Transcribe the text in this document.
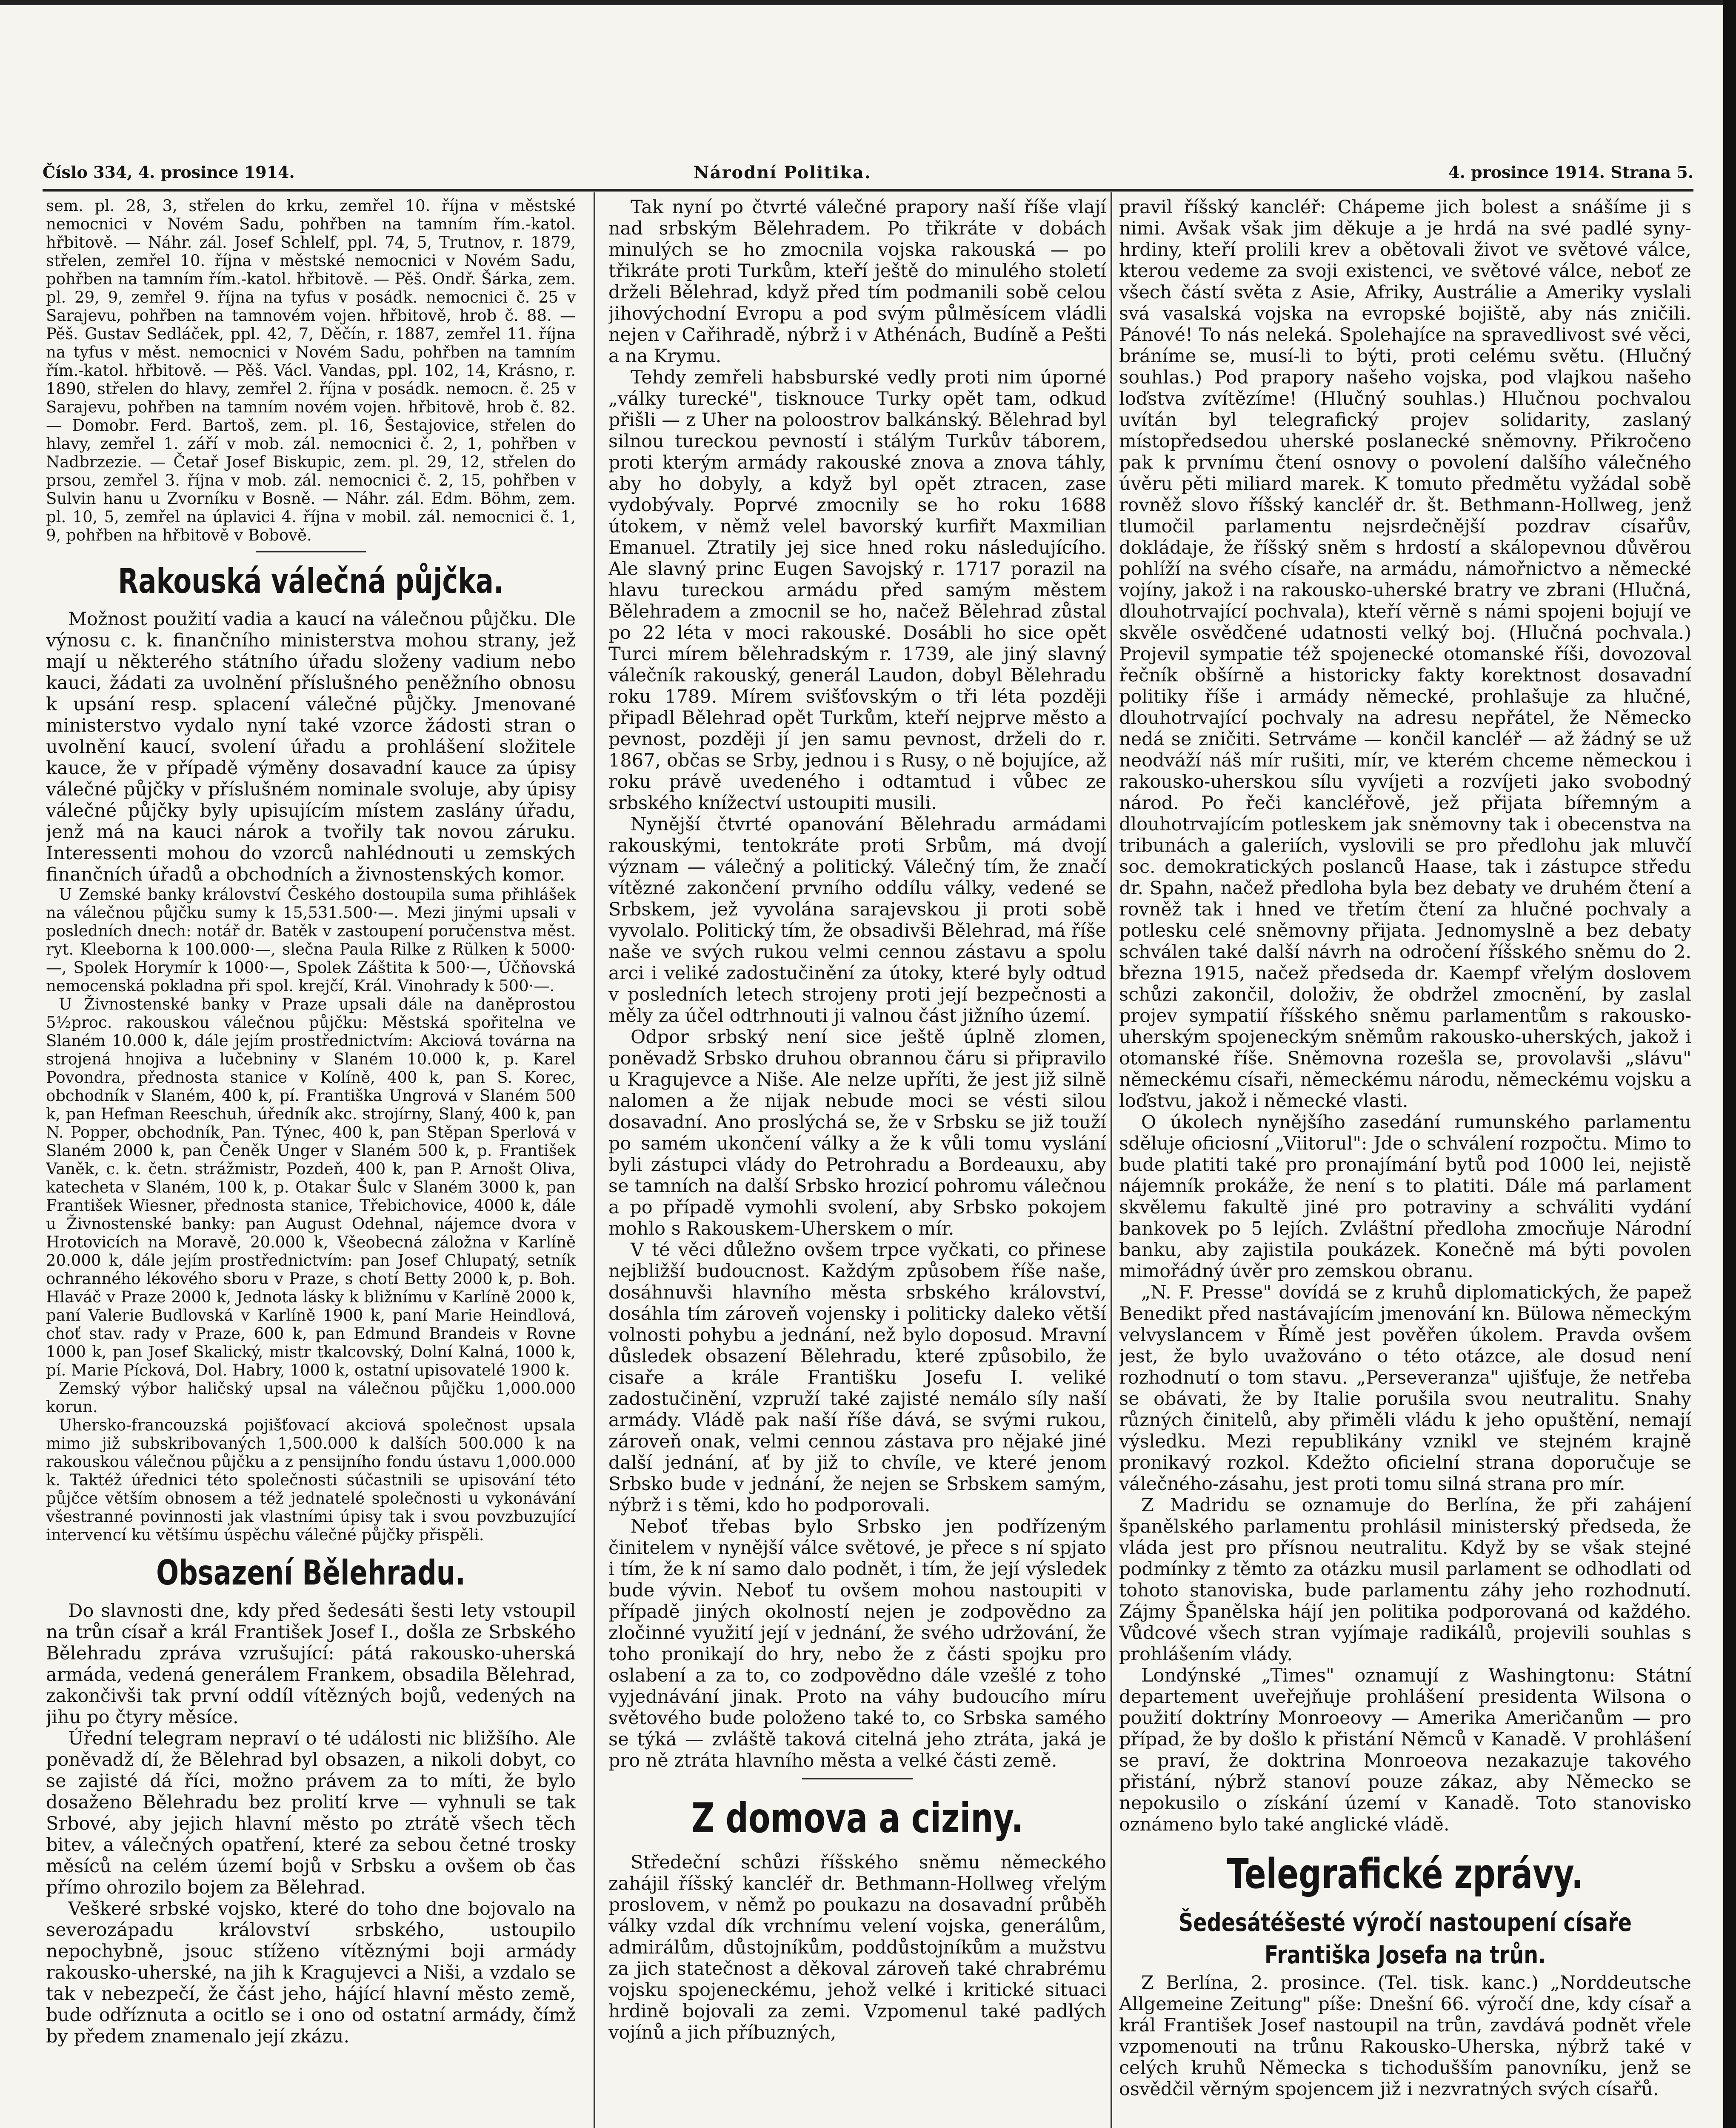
Číslo 334, 4. prosince 1914.	Národní Politika.	4. prosince 1914. Strana 5.

sem. pl. 28, 3, střelen do krku, zemřel 10. října v městské nemocnici v Novém Sadu, pohřben na tamním řím.-katol. hřbitově. — Náhr. zál. Josef Schlelf, ppl. 74, 5, Trutnov, r. 1879, střelen, zemřel 10. října v městské nemocnici v Novém Sadu, pohřben na tamním řím.-katol. hřbitově. — Pěš. Ondř. Šárka, zem. pl. 29, 9, zemřel 9. října na tyfus v posádk. nemocnici č. 25 v Sarajevu, pohřben na tamnovém vojen. hřbitově, hrob č. 88. — Pěš. Gustav Sedláček, ppl. 42, 7, Děčín, r. 1887, zemřel 11. října na tyfus v měst. nemocnici v Novém Sadu, pohřben na tamním řím.-katol. hřbitově. — Pěš. Václ. Vandas, ppl. 102, 14, Krásno, r. 1890, střelen do hlavy, zemřel 2. října v posádk. nemocn. č. 25 v Sarajevu, pohřben na tamním novém vojen. hřbitově, hrob č. 82. — Domobr. Ferd. Bartoš, zem. pl. 16, Šestajovice, střelen do hlavy, zemřel 1. září v mob. zál. nemocnici č. 2, 1, pohřben v Nadbrzezie. — Četař Josef Biskupic, zem. pl. 29, 12, střelen do prsou, zemřel 3. října v mob. zál. nemocnici č. 2, 15, pohřben v Sulvin hanu u Zvorníku v Bosně. — Náhr. zál. Edm. Böhm, zem. pl. 10, 5, zemřel na úplavici 4. října v mobil. zál. nemocnici č. 1, 9, pohřben na hřbitově v Bobově.

Rakouská válečná půjčka.

Možnost použití vadia a kaucí na válečnou půjčku. Dle výnosu c. k. finančního ministerstva mohou strany, jež mají u některého státního úřadu složeny vadium nebo kauci, žádati za uvolnění příslušného peněžního obnosu k upsání resp. splacení válečné půjčky. Jmenované ministerstvo vydalo nyní také vzorce žádosti stran o uvolnění kaucí, svolení úřadu a prohlášení složitele kauce, že v případě výměny dosavadní kauce za úpisy válečné půjčky v příslušném nominale svoluje, aby úpisy válečné půjčky byly upisujícím místem zaslány úřadu, jenž má na kauci nárok a tvořily tak novou záruku. Interessenti mohou do vzorců nahlédnouti u zemských finančních úřadů a obchodních a živnostenských komor.

U Zemské banky království Českého dostoupila suma přihlášek na válečnou půjčku sumy k 15,531.500·—. Mezi jinými upsali v posledních dnech: notář dr. Batěk v zastoupení poručenstva měst. ryt. Kleeborna k 100.000·—, slečna Paula Rilke z Rülken k 5000·—, Spolek Horymír k 1000·—, Spolek Záštita k 500·—, Účňovská nemocenská pokladna při spol. krejčí, Král. Vinohrady k 500·—.

U Živnostenské banky v Praze upsali dále na daněprostou 5½proc. rakouskou válečnou půjčku: Městská spořitelna ve Slaném 10.000 k, dále jejím prostřednictvím: Akciová továrna na strojená hnojiva a lučebniny v Slaném 10.000 k, p. Karel Povondra, přednosta stanice v Kolíně, 400 k, pan S. Korec, obchodník v Slaném, 400 k, pí. Františka Ungrová v Slaném 500 k, pan Hefman Reeschuh, úředník akc. strojírny, Slaný, 400 k, pan N. Popper, obchodník, Pan. Týnec, 400 k, pan Stěpan Sperlová v Slaném 2000 k, pan Čeněk Unger v Slaném 500 k, p. František Vaněk, c. k. četn. strážmistr, Pozdeň, 400 k, pan P. Arnošt Oliva, katecheta v Slaném, 100 k, p. Otakar Šulc v Slaném 3000 k, pan František Wiesner, přednosta stanice, Třebichovice, 4000 k, dále u Živnostenské banky: pan August Odehnal, nájemce dvora v Hrotovicích na Moravě, 20.000 k, Všeobecná záložna v Karlíně 20.000 k, dále jejím prostřednictvím: pan Josef Chlupatý, setník ochranného lékového sboru v Praze, s chotí Betty 2000 k, p. Boh. Hlaváč v Praze 2000 k, Jednota lásky k bližnímu v Karlíně 2000 k, paní Valerie Budlovská v Karlíně 1900 k, paní Marie Heindlová, choť stav. rady v Praze, 600 k, pan Edmund Brandeis v Rovne 1000 k, pan Josef Skalický, mistr tkalcovský, Dolní Kalná, 1000 k, pí. Marie Pícková, Dol. Habry, 1000 k, ostatní upisovatelé 1900 k.

Zemský výbor haličský upsal na válečnou půjčku 1,000.000 korun.

Uhersko-francouzská pojišťovací akciová společnost upsala mimo již subskribovaných 1,500.000 k dalších 500.000 k na rakouskou válečnou půjčku a z pensijního fondu ústavu 1,000.000 k. Taktéž úřednici této společnosti súčastnili se upisování této půjčce větším obnosem a též jednatelé společnosti u vykonávání všestranné povinnosti jak vlastními úpisy tak i svou povzbuzující intervencí ku většímu úspěchu válečné půjčky přispěli.

Obsazení Bělehradu.

Do slavnosti dne, kdy před šedesáti šesti lety vstoupil na trůn císař a král František Josef I., došla ze Srbského Bělehradu zpráva vzrušující: pátá rakousko-uherská armáda, vedená generálem Frankem, obsadila Bělehrad, zakončivši tak první oddíl vítězných bojů, vedených na jihu po čtyry měsíce.

Úřední telegram nepraví o té události nic bližšího. Ale poněvadž dí, že Bělehrad byl obsazen, a nikoli dobyt, co se zajisté dá říci, možno právem za to míti, že bylo dosaženo Bělehradu bez prolití krve — vyhnuli se tak Srbové, aby jejich hlavní město po ztrátě všech těch bitev, a válečných opatření, které za sebou četné trosky měsíců na celém území bojů v Srbsku a ovšem ob čas přímo ohrozilo bojem za Bělehrad.

Veškeré srbské vojsko, které do toho dne bojovalo na severozápadu království srbského, ustoupilo nepochybně, jsouc stíženo vítěznými boji armády rakousko-uherské, na jih k Kragujevci a Niši, a vzdalo se tak v nebezpečí, že část jeho, hájící hlavní město země, bude odříznuta a ocitlo se i ono od ostatní armády, čímž by předem znamenalo její zkázu.

Tak nyní po čtvrté válečné prapory naší říše vlají nad srbským Bělehradem. Po třikráte v dobách minulých se ho zmocnila vojska rakouská — po třikráte proti Turkům, kteří ještě do minulého století drželi Bělehrad, když před tím podmanili sobě celou jihovýchodní Evropu a pod svým půlměsícem vládli nejen v Cařihradě, nýbrž i v Athénách, Budíně a Pešti a na Krymu.

Tehdy zemřeli habsburské vedly proti nim úporné „války turecké", tisknouce Turky opět tam, odkud přišli — z Uher na poloostrov balkánský. Bělehrad byl silnou tureckou pevností i stálým Turkův táborem, proti kterým armády rakouské znova a znova táhly, aby ho dobyly, a když byl opět ztracen, zase vydobývaly. Poprvé zmocnily se ho roku 1688 útokem, v němž velel bavorský kurfiřt Maxmilian Emanuel. Ztratily jej sice hned roku následujícího. Ale slavný princ Eugen Savojský r. 1717 porazil na hlavu tureckou armádu před samým městem Bělehradem a zmocnil se ho, načež Bělehrad zůstal po 22 léta v moci rakouské. Dosábli ho sice opět Turci mírem bělehradským r. 1739, ale jiný slavný válečník rakouský, generál Laudon, dobyl Bělehradu roku 1789. Mírem svišťovským o tři léta později připadl Bělehrad opět Turkům, kteří nejprve město a pevnost, později jí jen samu pevnost, drželi do r. 1867, občas se Srby, jednou i s Rusy, o ně bojujíce, až roku právě uvedeného i odtamtud i vůbec ze srbského knížectví ustoupiti musili.

Nynější čtvrté opanování Bělehradu armádami rakouskými, tentokráte proti Srbům, má dvojí význam — válečný a politický. Válečný tím, že značí vítězné zakončení prvního oddílu války, vedené se Srbskem, jež vyvolána sarajevskou ji proti sobě vyvolalo. Politický tím, že obsadivši Bělehrad, má říše naše ve svých rukou velmi cennou zástavu a spolu arci i veliké zadostučinění za útoky, které byly odtud v posledních letech strojeny proti její bezpečnosti a měly za účel odtrhnouti ji valnou část jižního území.

Odpor srbský není sice ještě úplně zlomen, poněvadž Srbsko druhou obrannou čáru si připravilo u Kragujevce a Niše. Ale nelze upříti, že jest již silně nalomen a že nijak nebude moci se vésti silou dosavadní. Ano proslýchá se, že v Srbsku se již touží po samém ukončení války a že k vůli tomu vyslání byli zástupci vlády do Petrohradu a Bordeauxu, aby se tamních na další Srbsko hrozicí pohromu válečnou a po případě vymohli svolení, aby Srbsko pokojem mohlo s Rakouskem-Uherskem o mír.

V té věci důležno ovšem trpce vyčkati, co přinese nejbližší budoucnost. Každým způsobem říše naše, dosáhnuvši hlavního města srbského království, dosáhla tím zároveň vojensky i politicky daleko větší volnosti pohybu a jednání, než bylo doposud. Mravní důsledek obsazení Bělehradu, které způsobilo, že cisaře a krále Františku Josefu I. veliké zadostučinění, vzpruží také zajisté nemálo síly naší armády. Vládě pak naší říše dává, se svými rukou, zároveň onak, velmi cennou zástava pro nějaké jiné další jednání, ať by již to chvíle, ve které jenom Srbsko bude v jednání, že nejen se Srbskem samým, nýbrž i s těmi, kdo ho podporovali.

Neboť třebas bylo Srbsko jen podřízeným činitelem v nynější válce světové, je přece s ní spjato i tím, že k ní samo dalo podnět, i tím, že její výsledek bude vývin. Neboť tu ovšem mohou nastoupiti v případě jiných okolností nejen je zodpovědno za zločinné využití její v jednání, že svého udržování, že toho pronikají do hry, nebo že z části spojku pro oslabení a za to, co zodpovědno dále vzešlé z toho vyjednávání jinak. Proto na váhy budoucího míru světového bude položeno také to, co Srbska samého se týká — zvláště taková citelná jeho ztráta, jaká je pro ně ztráta hlavního města a velké části země.

Z domova a ciziny.

Středeční schůzi říšského sněmu německého zahájil říšský kancléř dr. Bethmann-Hollweg vřelým proslovem, v němž po poukazu na dosavadní průběh války vzdal dík vrchnímu velení vojska, generálům, admirálům, důstojníkům, poddůstojníkům a mužstvu za jich statečnost a děkoval zároveň také chrabrému vojsku spojeneckému, jehož velké i kritické situaci hrdině bojovali za zemi. Vzpomenul také padlých vojínů a jich příbuzných,

pravil říšský kancléř: Chápeme jich bolest a snášíme ji s nimi. Avšak však jim děkuje a je hrdá na své padlé syny-hrdiny, kteří prolili krev a obětovali život ve světové válce, kterou vedeme za svoji existenci, ve světové válce, neboť ze všech částí světa z Asie, Afriky, Austrálie a Ameriky vyslali svá vasalská vojska na evropské bojiště, aby nás zničili. Pánové! To nás neleká. Spolehajíce na spravedlivost své věci, bráníme se, musí-li to býti, proti celému světu. (Hlučný souhlas.) Pod prapory našeho vojska, pod vlajkou našeho loďstva zvítězíme! (Hlučný souhlas.) Hlučnou pochvalou uvítán byl telegrafický projev solidarity, zaslaný místopředsedou uherské poslanecké sněmovny. Přikročeno pak k prvnímu čtení osnovy o povolení dalšího válečného úvěru pěti miliard marek. K tomuto předmětu vyžádal sobě rovněž slovo říšský kancléř dr. št. Bethmann-Hollweg, jenž tlumočil parlamentu nejsrdečnější pozdrav císařův, dokládaje, že říšský sněm s hrdostí a skálopevnou důvěrou pohlíží na svého císaře, na armádu, námořnictvo a německé vojíny, jakož i na rakousko-uherské bratry ve zbrani (Hlučná, dlouhotrvající pochvala), kteří věrně s námi spojeni bojují ve skvěle osvědčené udatnosti velký boj. (Hlučná pochvala.) Projevil sympatie též spojenecké otomanské říši, dovozoval řečník obšírně a historicky fakty korektnost dosavadní politiky říše i armády německé, prohlašuje za hlučné, dlouhotrvající pochvaly na adresu nepřátel, že Německo nedá se zničiti. Setrváme — končil kancléř — až žádný se už neodváží náš mír rušiti, mír, ve kterém chceme německou i rakousko-uherskou sílu vyvíjeti a rozvíjeti jako svobodný národ. Po řeči kancléřově, jež přijata bířemným a dlouhotrvajícím potleskem jak sněmovny tak i obecenstva na tribunách a galeriích, vyslovili se pro předlohu jak mluvčí soc. demokratických poslanců Haase, tak i zástupce středu dr. Spahn, načež předloha byla bez debaty ve druhém čtení a rovněž tak i hned ve třetím čtení za hlučné pochvaly a potlesku celé sněmovny přijata. Jednomyslně a bez debaty schválen také další návrh na odročení říšského sněmu do 2. března 1915, načež předseda dr. Kaempf vřelým doslovem schůzi zakončil, doloživ, že obdržel zmocnění, by zaslal projev sympatií říšského sněmu parlamentům s rakousko-uherským spojeneckým sněmům rakousko-uherských, jakož i otomanské říše. Sněmovna rozešla se, provolavši „slávu" německému císaři, německému národu, německému vojsku a loďstvu, jakož i německé vlasti.

O úkolech nynějšího zasedání rumunského parlamentu sděluje oficiosní „Viitorul": Jde o schválení rozpočtu. Mimo to bude platiti také pro pronajímání bytů pod 1000 lei, nejistě nájemník prokáže, že není s to platiti. Dále má parlament skvělemu fakultě jiné pro potraviny a schváliti vydání bankovek po 5 lejích. Zvláštní předloha zmocňuje Národní banku, aby zajistila poukázek. Konečně má býti povolen mimořádný úvěr pro zemskou obranu.

„N. F. Presse" dovídá se z kruhů diplomatických, že papež Benedikt před nastávajícím jmenování kn. Bülowa německým velvyslancem v Římě jest pověřen úkolem. Pravda ovšem jest, že bylo uvažováno o této otázce, ale dosud není rozhodnutí o tom stavu. „Perseveranza" ujišťuje, že netřeba se obávati, že by Italie porušila svou neutralitu. Snahy různých činitelů, aby přiměli vládu k jeho opuštění, nemají výsledku. Mezi republikány vznikl ve stejném krajně pronikavý rozkol. Kdežto oficielní strana doporučuje se válečného-zásahu, jest proti tomu silná strana pro mír.

Z Madridu se oznamuje do Berlína, že při zahájení španělského parlamentu prohlásil ministerský předseda, že vláda jest pro přísnou neutralitu. Když by se však stejné podmínky z těmto za otázku musil parlament se odhodlati od tohoto stanoviska, bude parlamentu záhy jeho rozhodnutí. Zájmy Španělska hájí jen politika podporovaná od každého. Vůdcové všech stran vyjímaje radikálů, projevili souhlas s prohlášením vlády.

Londýnské „Times" oznamují z Washingtonu: Státní departement uveřejňuje prohlášení presidenta Wilsona o použití doktríny Monroeovy — Amerika Američanům — pro případ, že by došlo k přistání Němců v Kanadě. V prohlášení se praví, že doktrina Monroeova nezakazuje takového přistání, nýbrž stanoví pouze zákaz, aby Německo se nepokusilo o získání území v Kanadě. Toto stanovisko oznámeno bylo také anglické vládě.

Telegrafické zprávy.
Šedesátéšesté výročí nastoupení císaře
Františka Josefa na trůn.

Z Berlína, 2. prosince. (Tel. tisk. kanc.) „Norddeutsche Allgemeine Zeitung" píše: Dnešní 66. výročí dne, kdy císař a král František Josef nastoupil na trůn, zavdává podnět vřele vzpomenouti na trůnu Rakousko-Uherska, nýbrž také v celých kruhů Německa s tichodušším panovníku, jenž se osvědčil věrným spojencem již i nezvratných svých císařů.
